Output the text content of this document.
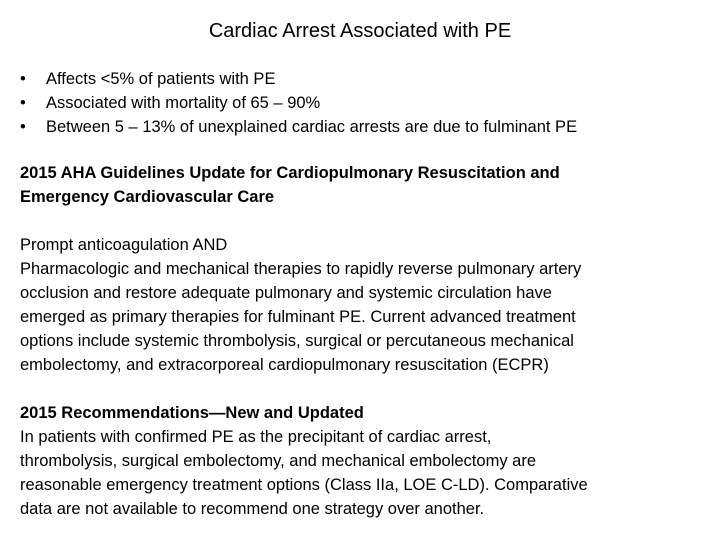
Cardiac Arrest Associated with PE
• Affects <5% of patients with PE
• Associated with mortality of 65 – 90%
• Between 5 – 13% of unexplained cardiac arrests are due to fulminant PE
2015 AHA Guidelines Update for Cardiopulmonary Resuscitation and
Emergency Cardiovascular Care
Prompt anticoagulation AND
Pharmacologic and mechanical therapies to rapidly reverse pulmonary artery
occlusion and restore adequate pulmonary and systemic circulation have
emerged as primary therapies for fulminant PE. Current advanced treatment
options include systemic thrombolysis, surgical or percutaneous mechanical
embolectomy, and extracorporeal cardiopulmonary resuscitation (ECPR)
2015 Recommendations—New and Updated
In patients with confirmed PE as the precipitant of cardiac arrest,
thrombolysis, surgical embolectomy, and mechanical embolectomy are
reasonable emergency treatment options (Class IIa, LOE C-LD). Comparative
data are not available to recommend one strategy over another.
